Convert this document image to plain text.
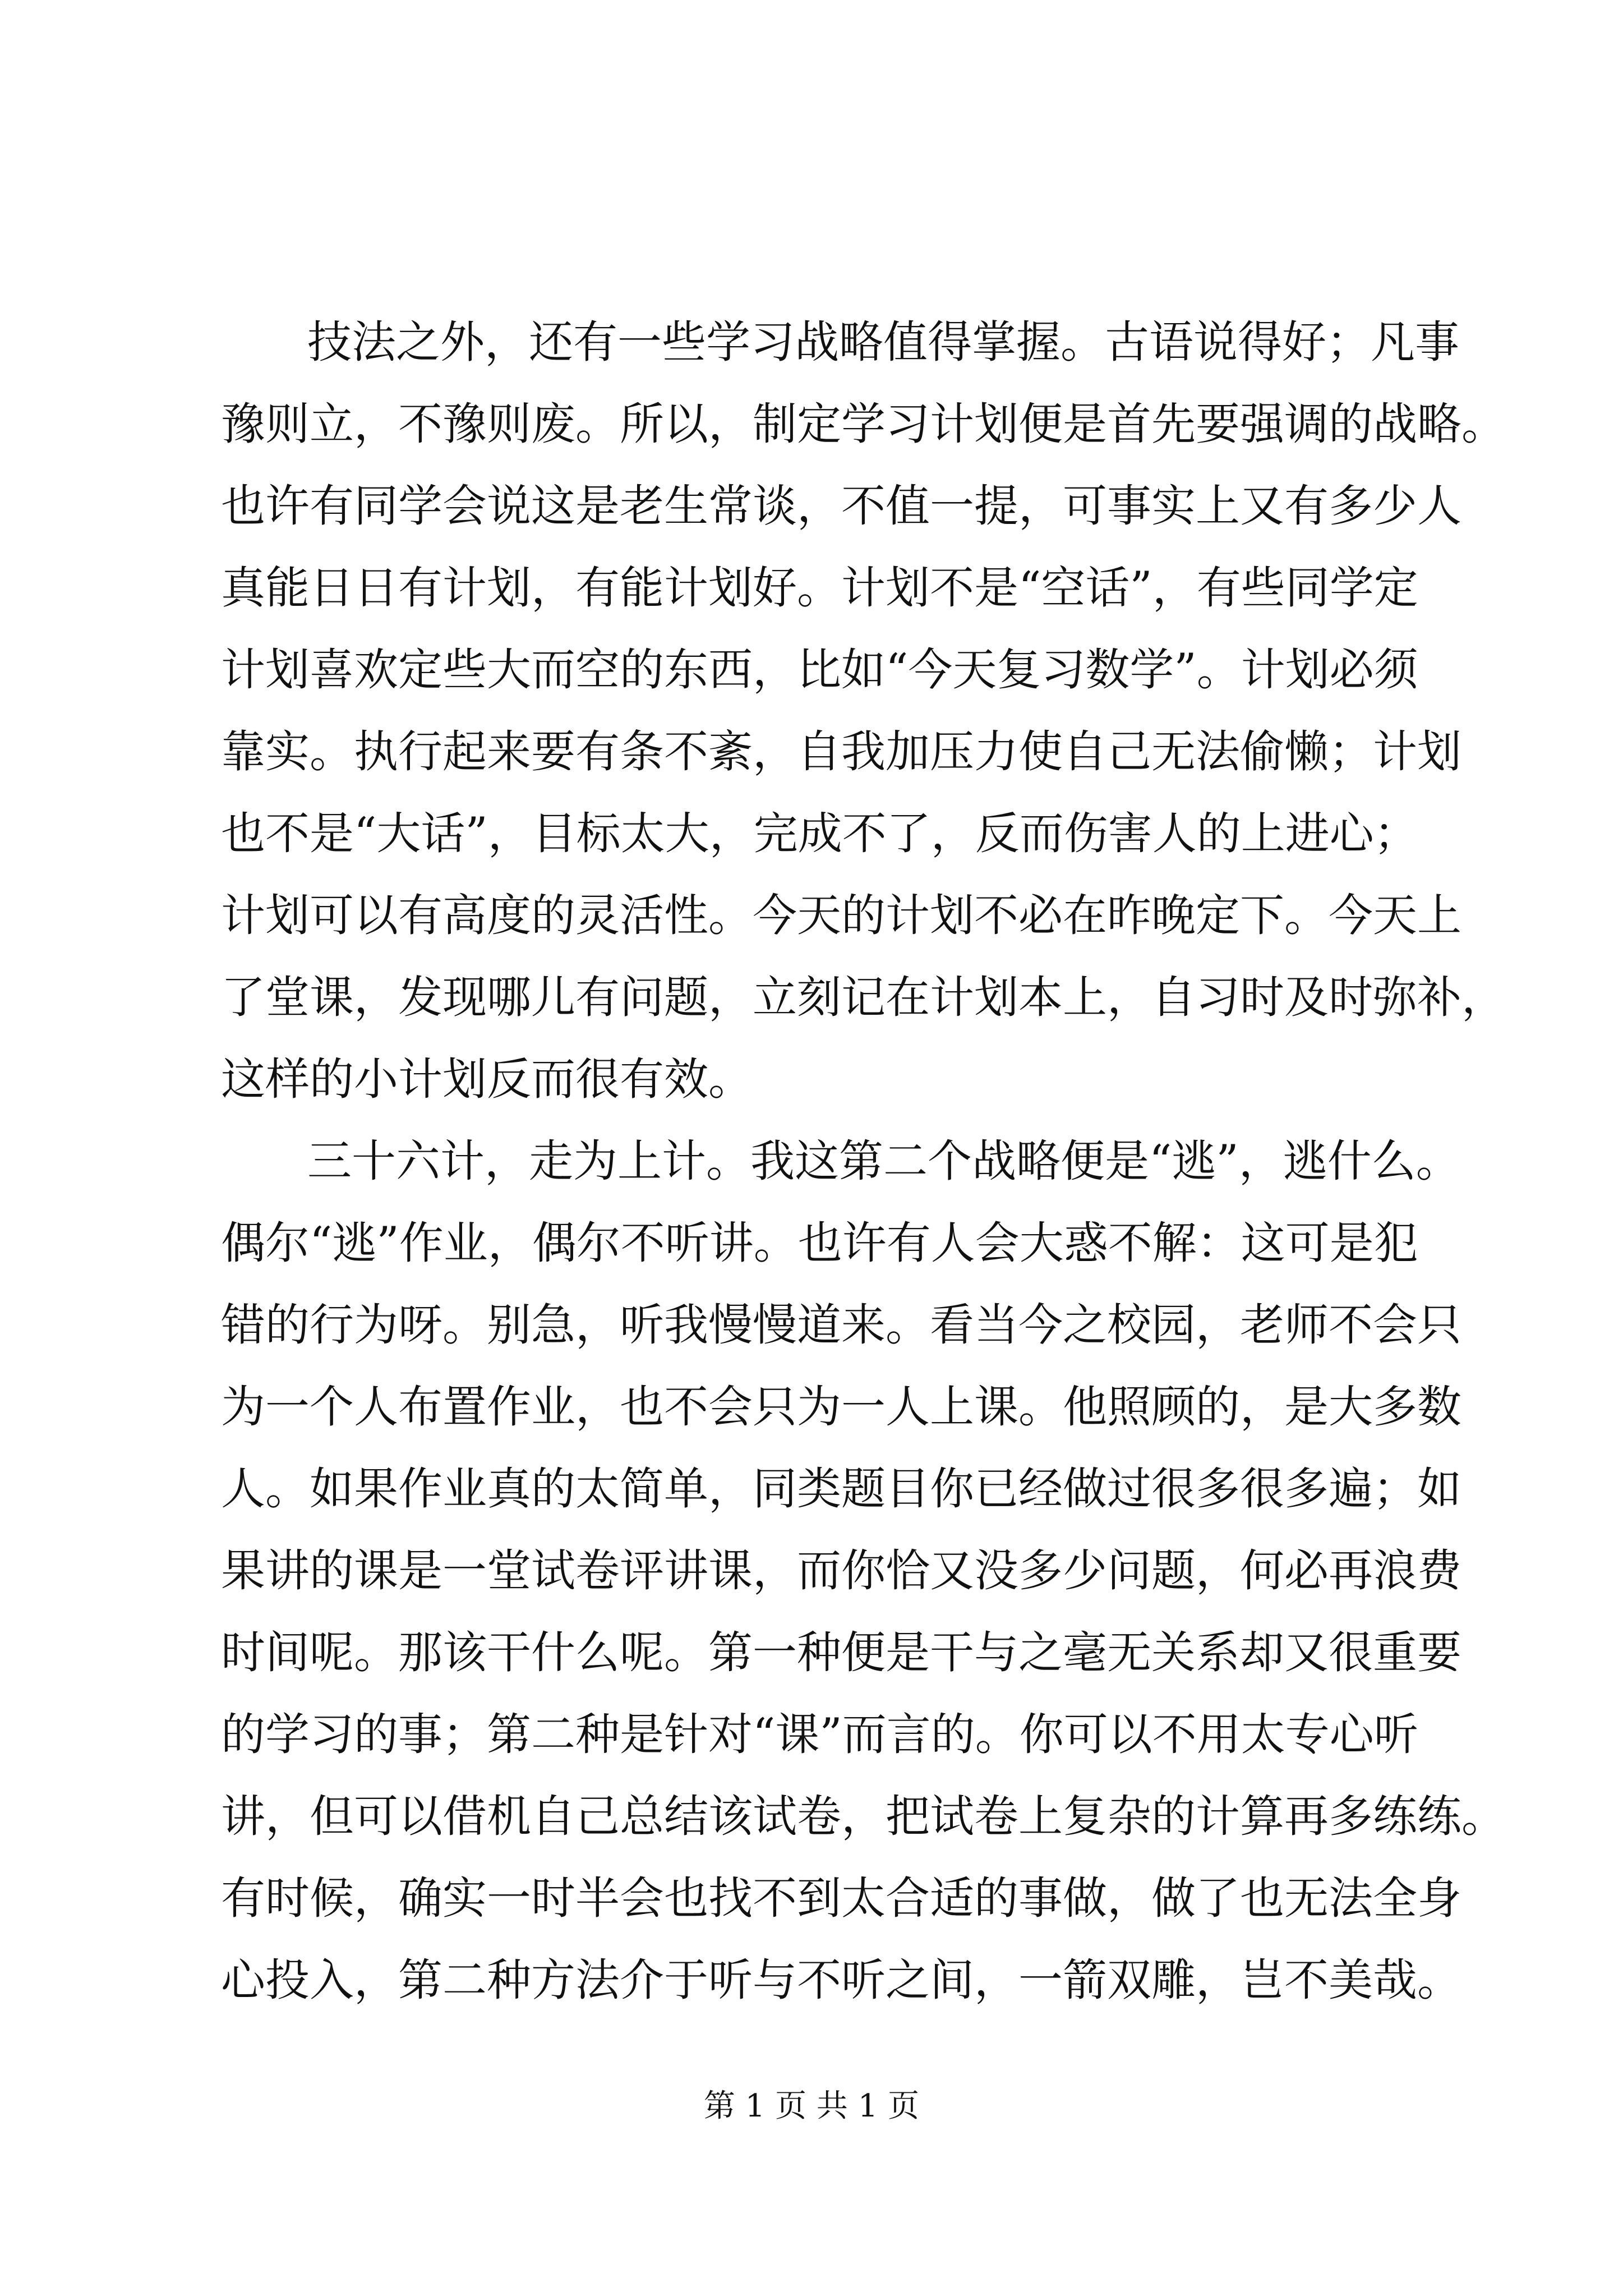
技法之外，还有一些学习战略值得掌握。古语说得好；凡事
豫则立，不豫则废。所以，制定学习计划便是首先要强调的战略。
也许有同学会说这是老生常谈，不值一提，可事实上又有多少人
真能日日有计划，有能计划好。计划不是“空话”，有些同学定
计划喜欢定些大而空的东西，比如“今天复习数学”。计划必须
靠实。执行起来要有条不紊，自我加压力使自己无法偷懒；计划
也不是“大话”，目标太大，完成不了，反而伤害人的上进心；
计划可以有高度的灵活性。今天的计划不必在昨晚定下。今天上
了堂课，发现哪儿有问题，立刻记在计划本上，自习时及时弥补，
这样的小计划反而很有效。
三十六计，走为上计。我这第二个战略便是“逃”，逃什么。
偶尔“逃”作业，偶尔不听讲。也许有人会大惑不解：这可是犯
错的行为呀。别急，听我慢慢道来。看当今之校园，老师不会只
为一个人布置作业，也不会只为一人上课。他照顾的，是大多数
人。如果作业真的太简单，同类题目你已经做过很多很多遍；如
果讲的课是一堂试卷评讲课，而你恰又没多少问题，何必再浪费
时间呢。那该干什么呢。第一种便是干与之毫无关系却又很重要
的学习的事；第二种是针对“课”而言的。你可以不用太专心听
讲，但可以借机自己总结该试卷，把试卷上复杂的计算再多练练。
有时候，确实一时半会也找不到太合适的事做，做了也无法全身
心投入，第二种方法介于听与不听之间，一箭双雕，岂不美哉。
第 1 页 共 1 页
